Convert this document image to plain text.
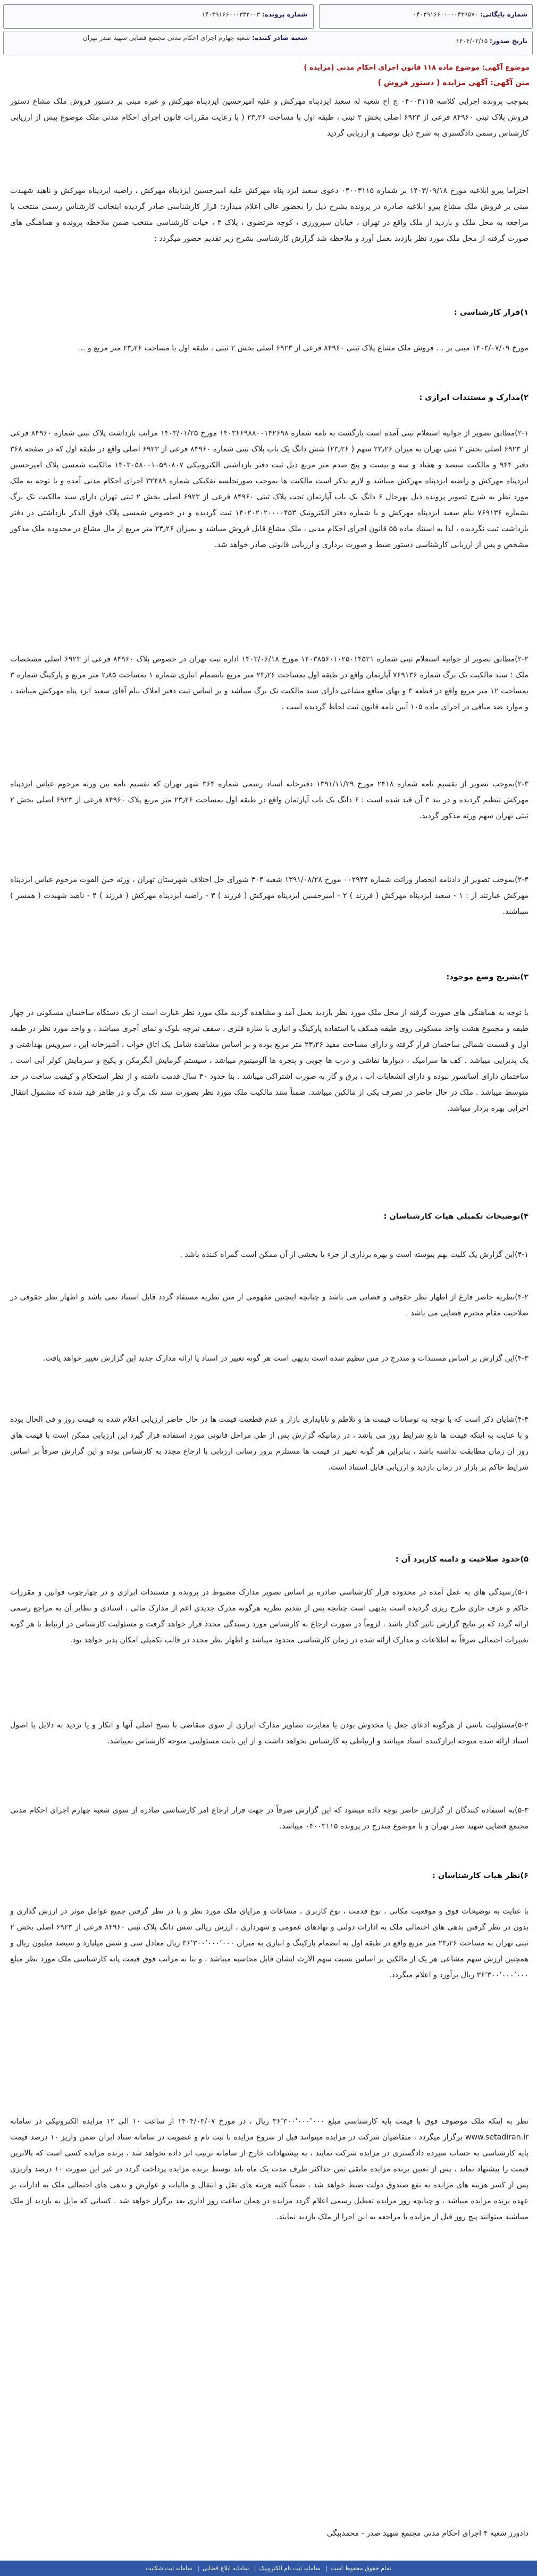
شماره بایگانی: ۰۴۰۳۹۱۶۶۰۰۰۰۰۴۲۹۵۷۰
شماره پرونده: ۱۴۰۳۹۱۶۶۰۰۰۳۳۲۰۰۳
تاریخ صدور: ۱۴۰۴/۰۲/۱۵
شعبه صادر کننده: شعبه چهارم اجرای احکام مدنی مجتمع قضایی شهید صدر تهران
موضوع آگهی: موضوع ماده ۱۱۸ قانون اجرای احکام مدنی (مزایده )
متن آگهی: آگهی مزایده ( دستور فروش )
بموجب پرونده اجرایی کلاسه ۰۴۰۰۳۱۱۵ ج اح شعبه له سعید ایزدپناه مهرکش و علیه امیرحسین ایزدپناه مهرکش و غیره مبنی بر دستور فروش ملک مشاع دستور فروش پلاک ثبتی ۸۴۹۶۰ فرعی از ۶۹۲۳ اصلی بخش ۲ ثبتی ، طبقه اول با مساحت ۲۳٫۲۶ ( با رعایت مقررات قانون اجرای احکام مدنی ملک موضوع پیس از ارزیابی کارشناس رسمی دادگستری به شرح ذیل توصیف و ارزیابی گردید
احتراما پیرو ابلاغیه مورخ ۱۴۰۳/۰۹/۱۸ بر شماره ۰۴۰۰۳۱۱۵ دعوی سعید ایزد پناه مهرکش علیه امیرحسین ایزدپناه مهرکش ، راضیه ایزدپناه مهرکش و ناهید شهبدت مبنی بر فروش ملک مشاع پیرو ابلاغیه صادره در پرونده بشرح ذیل را بحضور عالی اعلام میدارد: قرار کارشناسی صادر گردیده اینجانب کارشناس رسمی منتخب با مراجعه به محل ملک و بازدید از ملک واقع در تهران ، خیابان سپرورزی ، کوچه مرتضوی ، پلاک ۳ ، حیات کارشناسی منتخب ضمن ملاحظه پرونده و هماهنگی های صورت گرفته از محل ملک مورد نظر بازدید بعمل آورد و ملاحظه شد گزارش کارشناسی بشرح زیر تقدیم حضور میگردد :
۱)قرار کارشناسی :
مورخ ۱۴۰۳/۰۷/۰۹ مبنی بر … فروش ملک مشاع پلاک ثبتی ۸۴۹۶۰ فرعی از ۶۹۲۳ اصلی بخش ۲ ثبتی ، طبقه اول با مساحت ۲۳٫۲۶ متر مربع و …
۲)مدارک و مستندات ابرازی :
۲-۱)مطابق تصویر از جوابیه استعلام ثبتی آمده است بازگشت به نامه شماره ۱۴۰۳۶۶۹۸۸۰۰۱۴۲۶۹۸ مورخ ۱۴۰۳/۰۱/۲۵ مراتب بازداشت پلاک ثبتی شماره ۸۴۹۶۰ فرعی از ۶۹۲۳ اصلی بخش ۲ ثبتی تهران به میزان ۲۳٫۲۶ سهم ( ۲۳٫۲۶) شش دانگ یک باب پلاک ثبتی شماره ۸۴۹۶۰ فرعی از ۶۹۲۳ اصلی واقع در طبقه اول که در صفحه ۳۶۸ دفتر ۹۴۴ و مالکیت سیصد و هفتاد و سه و بیست و پنج صدم متر مربع ذیل ثبت دفتر بازداشتی الکترونیکی ۱۴۰۳۰۵۸۰۰۱۰۵۹۰۸۰۷ مالکیت شمسی پلاک امیرحسین ایزدپناه مهرکش و راضیه ایزدپناه مهرکش میباشد و لازم بذکر است مالکیت ها بموجب صورتجلسه تفکیکی شماره ۳۲۴۸۹ اجرای احکام مدنی آمده و با توجه به ملک مورد نظر به شرح تصویر پرونده ذیل بهرحال ۶ دانگ یک باب آپارتمان تحت پلاک ثبتی ۸۴۹۶۰ فرعی از ۶۹۲۳ اصلی بخش ۲ ثبتی تهران دارای سند مالکیت تک برگ بشماره ۷۶۹۱۳۶ بنام سعید ایزدپناه مهرکش و با شماره دفتر الکترونیک ۱۴۰۲۰۲۰۲۰۰۰۰۴۵۳ ثبت گردیده و در خصوص شمسی پلاک فوق الذکر بازداشتی در دفتر بازداشت ثبت نگردیده ، لذا به استناد ماده ۵۵ قانون اجرای احکام مدنی ، ملک مشاع قابل فروش میباشد و بمیزان ۲۳٫۲۶ متر مربع از مال مشاع در محدوده ملک مذکور مشخص و پس از ارزیابی کارشناسی دستور ضبط و صورت برداری و ارزیابی قانونی صادر خواهد شد.
۲-۲)مطابق تصویر از جوابیه استعلام ثبتی شماره ۱۴۰۳۸۵۶۰۱۰۲۵۰۱۴۵۲۱ مورخ ۱۴۰۳/۰۶/۱۸ اداره ثبت تهران در خصوص پلاک ۸۴۹۶۰ فرعی از ۶۹۲۳ اصلی مشخصات ملک ؛ سند مالکیت تک برگ شماره ۷۶۹۱۳۶ آپارتمان واقع در طبقه اول بمساحت ۲۳٫۲۶ متر مربع بانضمام انباری شماره ۱ بمساحت ۲٫۸۵ متر مربع و پارکینگ شماره ۳ بمساحت ۱۲ متر مربع واقع در قطعه ۳ و بهای منافع مشاعی دارای سند مالکیت تک برگ میباشد و بر اساس ثبت دفتر املاک بنام آقای سعید ایزد پناه مهرکش میباشد ، و موارد ضد منافی در اجرای ماده ۱۰۵ آیین نامه قانون ثبت لحاظ گردیده است .
۲-۳)بموجب تصویر از تقسیم نامه شماره ۲۴۱۸ مورخ ۱۳۹۱/۱۱/۲۹ دفترخانه اسناد رسمی شماره ۳۶۴ شهر تهران که تقسیم نامه بین ورثه مرحوم عباس ایزدپناه مهرکش تنظیم گردیده و در بند ۳ آن قید شده است : ۶ دانگ یک باب آپارتمان واقع در طبقه اول بمساحت ۲۳٫۲۶ متر مربع پلاک ۸۴۹۶۰ فرعی از ۶۹۲۳ اصلی بخش ۲ ثبتی تهران سهم ورثه مذکور گردید.
۲-۴)بموجب تصویر از دادنامه انحصار وراثت شماره ۰۰۲۹۴۴ مورخ ۱۳۹۱/۰۸/۲۸ شعبه ۳۰۴ شورای حل اختلاف شهرستان تهران ، ورثه حین الفوت مرحوم عباس ایزدپناه مهرکش عبارتند از : ۱ - سعید ایزدپناه مهرکش ( فرزند ) ۲ - امیرحسین ایزدپناه مهرکش ( فرزند ) ۳ - راضیه ایزدپناه مهرکش ( فرزند ) ۴ - ناهید شهبدت ( همسر ) میباشند.
۳)تشریح وضع موجود:
با توجه به هماهنگی های صورت گرفته از محل ملک مورد نظر بازدید بعمل آمد و مشاهده گردید ملک مورد نظر عبارت است از یک دستگاه ساختمان مسکونی در چهار طبقه و مجموع هشت واحد مسکونی روی طبقه همکف با استفاده پارکینگ و انباری با سازه فلزی ، سقف تیرچه بلوک و نمای آجری میباشد ، و واحد مورد نظر در طبقه اول و قسمت شمالی ساختمان قرار گرفته و دارای مساحت مفید ۲۳٫۲۶ متر مربع بوده و بر اساس مشاهده شامل یک اتاق خواب ، آشپزخانه اپن ، سرویس بهداشتی و یک پذیرایی میباشد . کف ها سرامیک ، دیوارها نقاشی و درب ها چوبی و پنجره ها آلومینیوم میباشد ، سیستم گرمایش آبگرمکن و پکیج و سرمایش کولر آبی است . ساختمان دارای آسانسور نبوده و دارای انشعابات آب ، برق و گاز به صورت اشتراکی میباشد . بنا حدود ۳۰ سال قدمت داشته و از نظر استحکام و کیفیت ساخت در حد متوسط میباشد . ملک در حال حاضر در تصرف یکی از مالکین میباشد. ضمناً سند مالکیت ملک مورد نظر بصورت سند تک برگ و در ظاهر قید شده که مشمول انتقال اجرایی بهره بردار میباشد.
۴)توضیحات تکمیلی هیات کارشناسان :
۴-۱)این گزارش یک کلیت بهم پیوسته است و بهره برداری از جزء یا بخشی از آن ممکن است گمراه کننده باشد .
۴-۲)نظریه حاضر فارغ از اظهار نظر حقوقی و قضایی می باشد و چنانچه اینچنین مفهومی از متن نظریه مستفاد گردد قابل استناد نمی باشد و اظهار نظر حقوقی در صلاحیت مقام محترم قضایی می باشد .
۴-۳)این گزارش بر اساس مستندات و مندرج در متن تنظیم شده است بدیهی است هر گونه تغییر در اسناد یا ارائه مدارک جدید این گزارش تغییر خواهد یافت.
۴-۴)شایان ذکر است که با توجه به نوسانات قیمت ها و تلاطم و ناپایداری بازار و عدم قطعیت قیمت ها در حال حاضر ارزیابی اعلام شده به قیمت روز و فی الحال بوده و با عنایت به اینکه قیمت ها تابع شرایط روز می باشد ، در زمانیکه گزارش پس از طی مراحل قانونی مورد استفاده قرار گیرد این ارزیابی ممکن است با قیمت های روز آن زمان مطابقت نداشته باشد ، بنابراین هر گونه تغییر در قیمت ها مستلزم بروز رسانی ارزیابی با ارجاع مجدد به کارشناس بوده و این گزارش صرفاً بر اساس شرایط حاکم بر بازار در زمان بازدید و ارزیابی قابل استناد است.
۵)حدود صلاحیت و دامنه کاربرد آن :
۵-۱)رسیدگی های به عمل آمده در محدوده قرار کارشناسی صادره بر اساس تصویر مدارک مضبوط در پرونده و مستندات ابرازی و در چهارچوب قوانین و مقررات حاکم و عرف جاری طرح ریزی گردیده است بدیهی است چنانچه پس از تقدیم نظریه هرگونه مدرک جدیدی اعم از مدارک مالی ، اسنادی و نظایر آن به مراجع رسمی ارائه گردد که بر نتایج گزارش تاثیر گذار باشد ، لزوماً در صورت ارجاع به کارشناس مورد رسیدگی مجدد قرار خواهد گرفت و مسئولیت کارشناس در ارتباط با هر گونه تغییرات احتمالی صرفاً به اطلاعات و مدارک ارائه شده در زمان کارشناسی محدود میباشد و اظهار نظر مجدد در قالب تکمیلی امکان پذیر خواهد بود.
۵-۲)مسئولیت ناشی از هرگونه ادعای جعل یا مخدوش بودن یا مغایرت تصاویر مدارک ابرازی از سوی متقاضی با نسخ اصلی آنها و انکار و یا تردید به دلایل یا اصول اسناد ارائه شده متوجه ابرازکننده اسناد میباشد و ارتباطی به کارشناس نخواهد داشت و از این بابت مسئولیتی متوجه کارشناس نمیباشد.
۵-۳)به استفاده کنندگان از گزارش حاضر توجه داده میشود که این گزارش صرفاً در جهت قرار ارجاع امر کارشناسی صادره از سوی شعبه چهارم اجرای احکام مدنی مجتمع قضایی شهید صدر تهران و با موضوع مندرج در پرونده ۰۴۰۰۳۱۱۵ میباشد.
۶)نظر هیات کارشناسان :
با عنایت به توضیحات فوق و موقعیت مکانی ، نوع قدمت ، نوع کاربری ، مشاعات و مزایای ملک مورد نظر و با در نظر گرفتن جمیع عوامل موثر در ارزش گذاری و بدون در نظر گرفتن بدهی های احتمالی ملک به ادارات دولتی و نهادهای عمومی و شهرداری ، ارزش ریالی شش دانگ پلاک ثبتی ۸۴۹۶۰ فرعی از ۶۹۲۳ اصلی بخش ۲ ثبتی تهران به مساحت ۲۳٫۲۶ متر مربع واقع در طبقه اول به انضمام پارکینگ و انباری به میزان ۳۶٬۳۰۰٬۰۰۰٬۰۰۰ ریال معادل سی و شش میلیارد و سیصد میلیون ریال و همچنین ارزش سهم مشاعی هر یک از مالکین بر اساس نسبت سهم الارث ایشان قابل محاسبه میباشد ، و بنا به مراتب فوق قیمت پایه کارشناسی ملک مورد نظر مبلغ ۳۶٬۳۰۰٬۰۰۰٬۰۰۰ ریال برآورد و اعلام میگردد.
نظر به اینکه ملک موصوف فوق با قیمت پایه کارشناسی مبلغ ۳۶٬۳۰۰٬۰۰۰٬۰۰۰ ریال ، در مورخ ۱۴۰۴/۰۳/۰۷ از ساعت ۱۰ الی ۱۲ مزایده الکترونیکی در سامانه www.setadiran.ir برگزار میگردد ، متقاضیان شرکت در مزایده میتوانند قبل از شروع مزایده با ثبت نام و عضویت در سامانه ستاد ایران ضمن واریز ۱۰ درصد قیمت پایه کارشناسی به حساب سپرده دادگستری در مزایده شرکت نمایند ، به پیشنهادات خارج از سامانه ترتیب اثر داده نخواهد شد ، برنده مزایده کسی است که بالاترین قیمت را پیشنهاد نماید ، پس از تعیین برنده مزایده مابقی ثمن حداکثر ظرف مدت یک ماه باید توسط برنده مزایده پرداخت گردد در غیر این صورت ۱۰ درصد واریزی پس از کسر هزینه های مزایده به نفع صندوق دولت ضبط خواهد شد ، ضمناً کلیه هزینه های نقل و انتقال و مالیات و عوارض و بدهی های احتمالی ملک به ادارات بر عهده برنده مزایده میباشد ، و چنانچه روز مزایده تعطیل رسمی اعلام گردد مزایده در همان ساعت روز اداری بعد برگزار خواهد شد . کسانی که مایل به بازدید از ملک میباشند میتوانند پنج روز قبل از مزایده با مراجعه به این اجرا از ملک بازدید نمایند.
دادورز شعبه ۴ اجرای احکام مدنی مجتمع شهید صدر - محمدبیگی
تمام حقوق محفوظ است| سامانه ثبت نام الکترونیک| سامانه ابلاغ قضایی| سامانه ثبت شکایت
